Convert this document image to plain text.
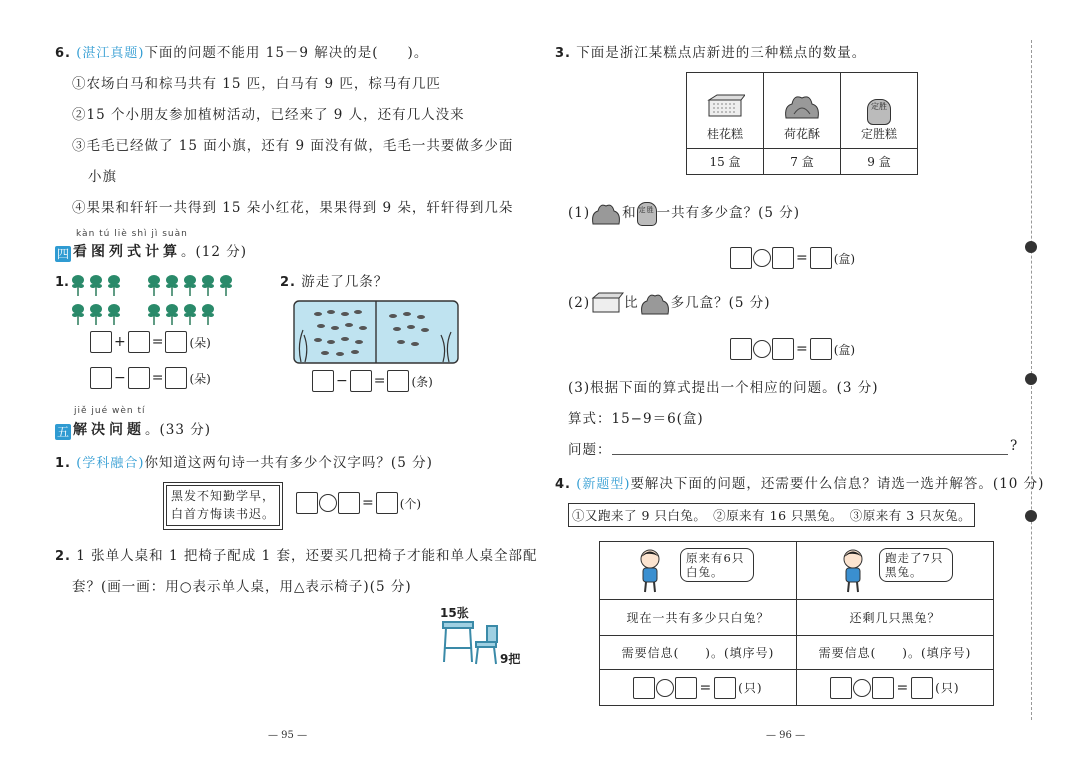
6. (湛江真题)下面的问题不能用 15－9 解决的是(　　)。
①农场白马和棕马共有 15 匹，白马有 9 匹，棕马有几匹
②15 个小朋友参加植树活动，已经来了 9 人，还有几人没来
③毛毛已经做了 15 面小旗，还有 9 面没有做，毛毛一共要做多少面
小旗
④果果和轩轩一共得到 15 朵小红花，果果得到 9 朵，轩轩得到几朵
kàn tú liè shì jì suàn
四 看图列式计算。(12 分)
1.
+ = (朵)
− = (朵)
2. 游走了几条？
− = (条)
jiě jué wèn tí
五 解决问题。(33 分)
1. (学科融合)你知道这两句诗一共有多少个汉字吗？(5 分)
黑发不知勤学早，
白首方悔读书迟。
= (个)
2. 1 张单人桌和 1 把椅子配成 1 套，还要买几把椅子才能和单人桌全部配
套？(画一画：用○表示单人桌，用△表示椅子)(5 分)
15张
9把
— 95 —
3. 下面是浙江某糕点店新进的三种糕点的数量。
桂花糕	荷花酥	定胜
定胜糕

15 盒	7 盒	9 盒
(1) 和 定胜 一共有多少盒？(5 分)
= (盒)
(2)	比 多几盒？(5 分)
= (盒)
(3)根据下面的算式提出一个相应的问题。(3 分)
算式：15−9＝6(盒)
问题：	?
4. (新题型)要解决下面的问题，还需要什么信息？请选一选并解答。(10 分)
①又跑来了 9 只白兔。　②原来有 16 只黑兔。　③原来有 3 只灰兔。
原来有6只白兔。	跑走了7只黑兔。

现在一共有多少只白兔？	还剩几只黑兔？
需要信息(　　)。(填序号)	需要信息(　　)。(填序号)
= (只)	= (只)
— 96 —
